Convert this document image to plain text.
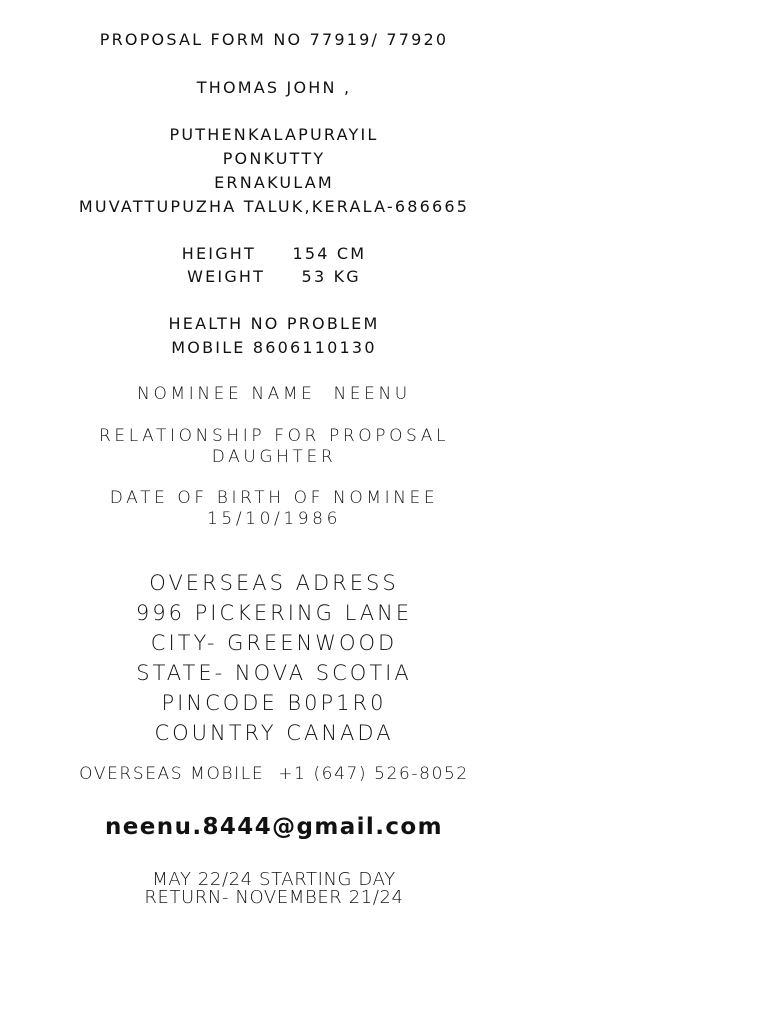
PROPOSAL FORM NO 77919/ 77920
THOMAS JOHN ,
PUTHENKALAPURAYIL
PONKUTTY
ERNAKULAM
MUVATTUPUZHA TALUK,KERALA-686665
HEIGHT     154 CM
WEIGHT     53 KG
HEALTH NO PROBLEM
MOBILE 8606110130
NOMINEE NAME  NEENU
RELATIONSHIP FOR PROPOSAL
DAUGHTER
DATE OF BIRTH OF NOMINEE
15/10/1986
OVERSEAS ADRESS
996 PICKERING LANE
CITY- GREENWOOD
STATE- NOVA SCOTIA
PINCODE B0P1R0
COUNTRY CANADA
OVERSEAS MOBILE  +1 (647) 526-8052
neenu.8444@gmail.com
MAY 22/24 STARTING DAY
RETURN- NOVEMBER 21/24
